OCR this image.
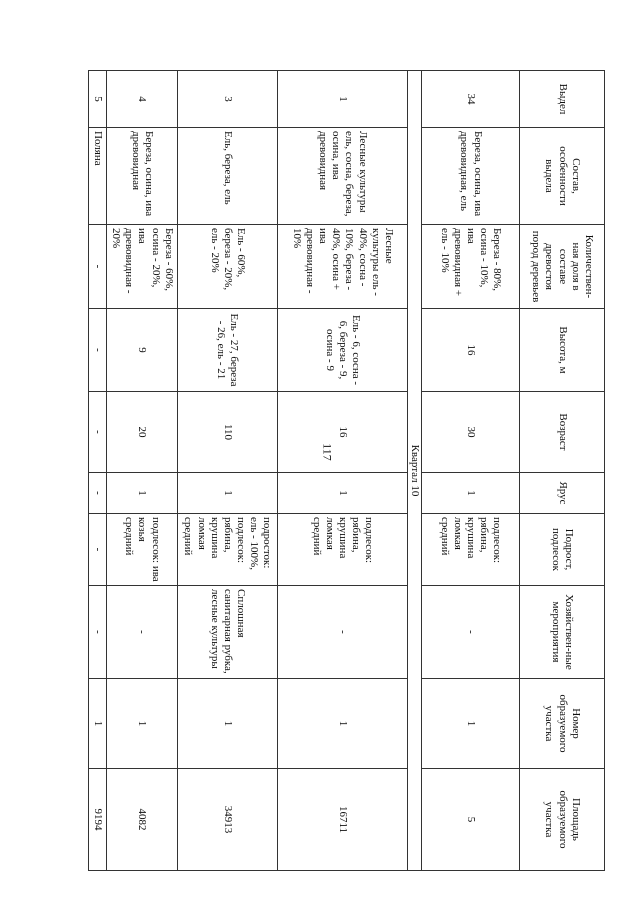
117
Выдел	Состав, особенности выдела	Количествен-ная доля в составе древостоя пород деревьев	Высота, м	Возраст	Ярус	Подрост, подлесок	Хозяйствен-ные мероприятия	Номер образуемого участка	Площадь образуемого участка
34	Береза, осина, ива древовидная, ель	Береза - 80%, осина - 10%, ива древовидная + ель - 10%	16	30	1	подлесок: рябина, крушина ломкая средний	-	1	5
Квартал 10									
1	Лесные культуры ель, сосна, береза, осина, ива древовидная	Лесные культуры ель - 40%, сосна - 10%, береза - 40%, осина + ива древовидная - 10%	Ель - 6, сосна - 6, береза - 9, осина - 9	16	1	подлесок: рябина, крушина ломкая средний	-	1	16711
3	Ель, береза, ель	Ель - 60%, береза - 20%, ель - 20%	Ель - 27, береза - 26, ель - 21	110	1	подросток: ель - 100%, подлесок: рябина, крушина ломкая средний	Сплошная санитарная рубка, лесные культуры	1	34913
4	Береза, осина, ива древовидная	Береза - 60%, осина - 20%, ива древовидная - 20%	9	20	1	подлесок: ива козья средний	-	1	4082
5	Поляна	-	-	-	-	-	-	1	9194
